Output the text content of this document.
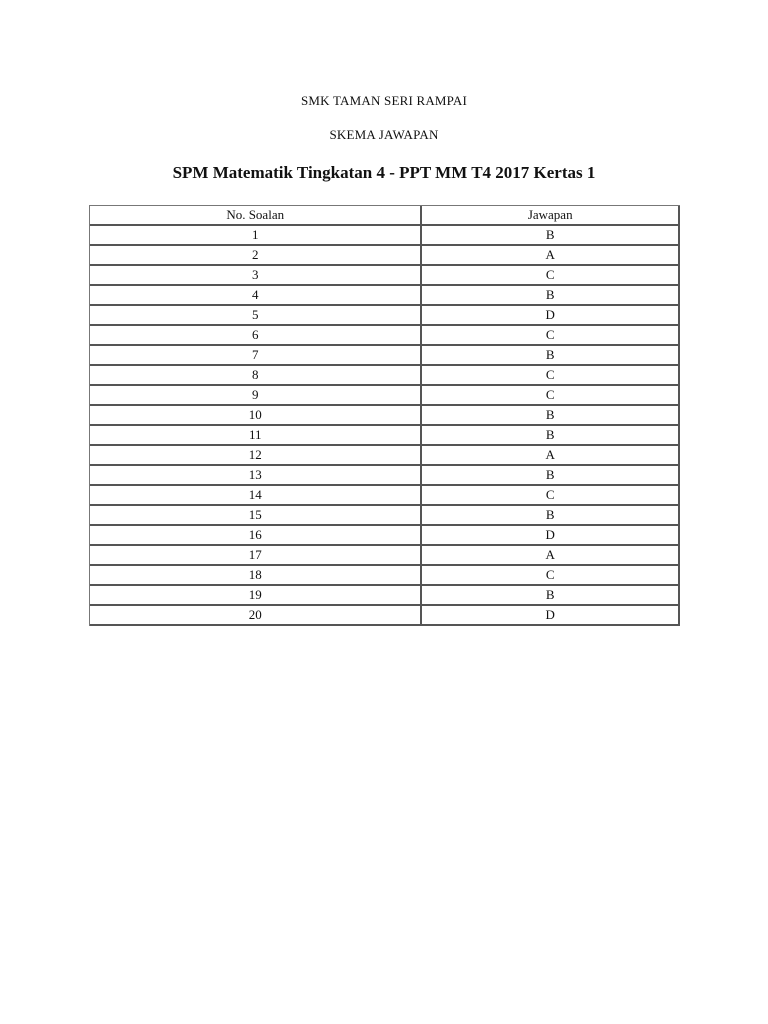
SMK TAMAN SERI RAMPAI
SKEMA JAWAPAN
SPM Matematik Tingkatan 4 - PPT MM T4 2017 Kertas 1
No. Soalan	Jawapan
1	B
2	A
3	C
4	B
5	D
6	C
7	B
8	C
9	C
10	B
11	B
12	A
13	B
14	C
15	B
16	D
17	A
18	C
19	B
20	D
